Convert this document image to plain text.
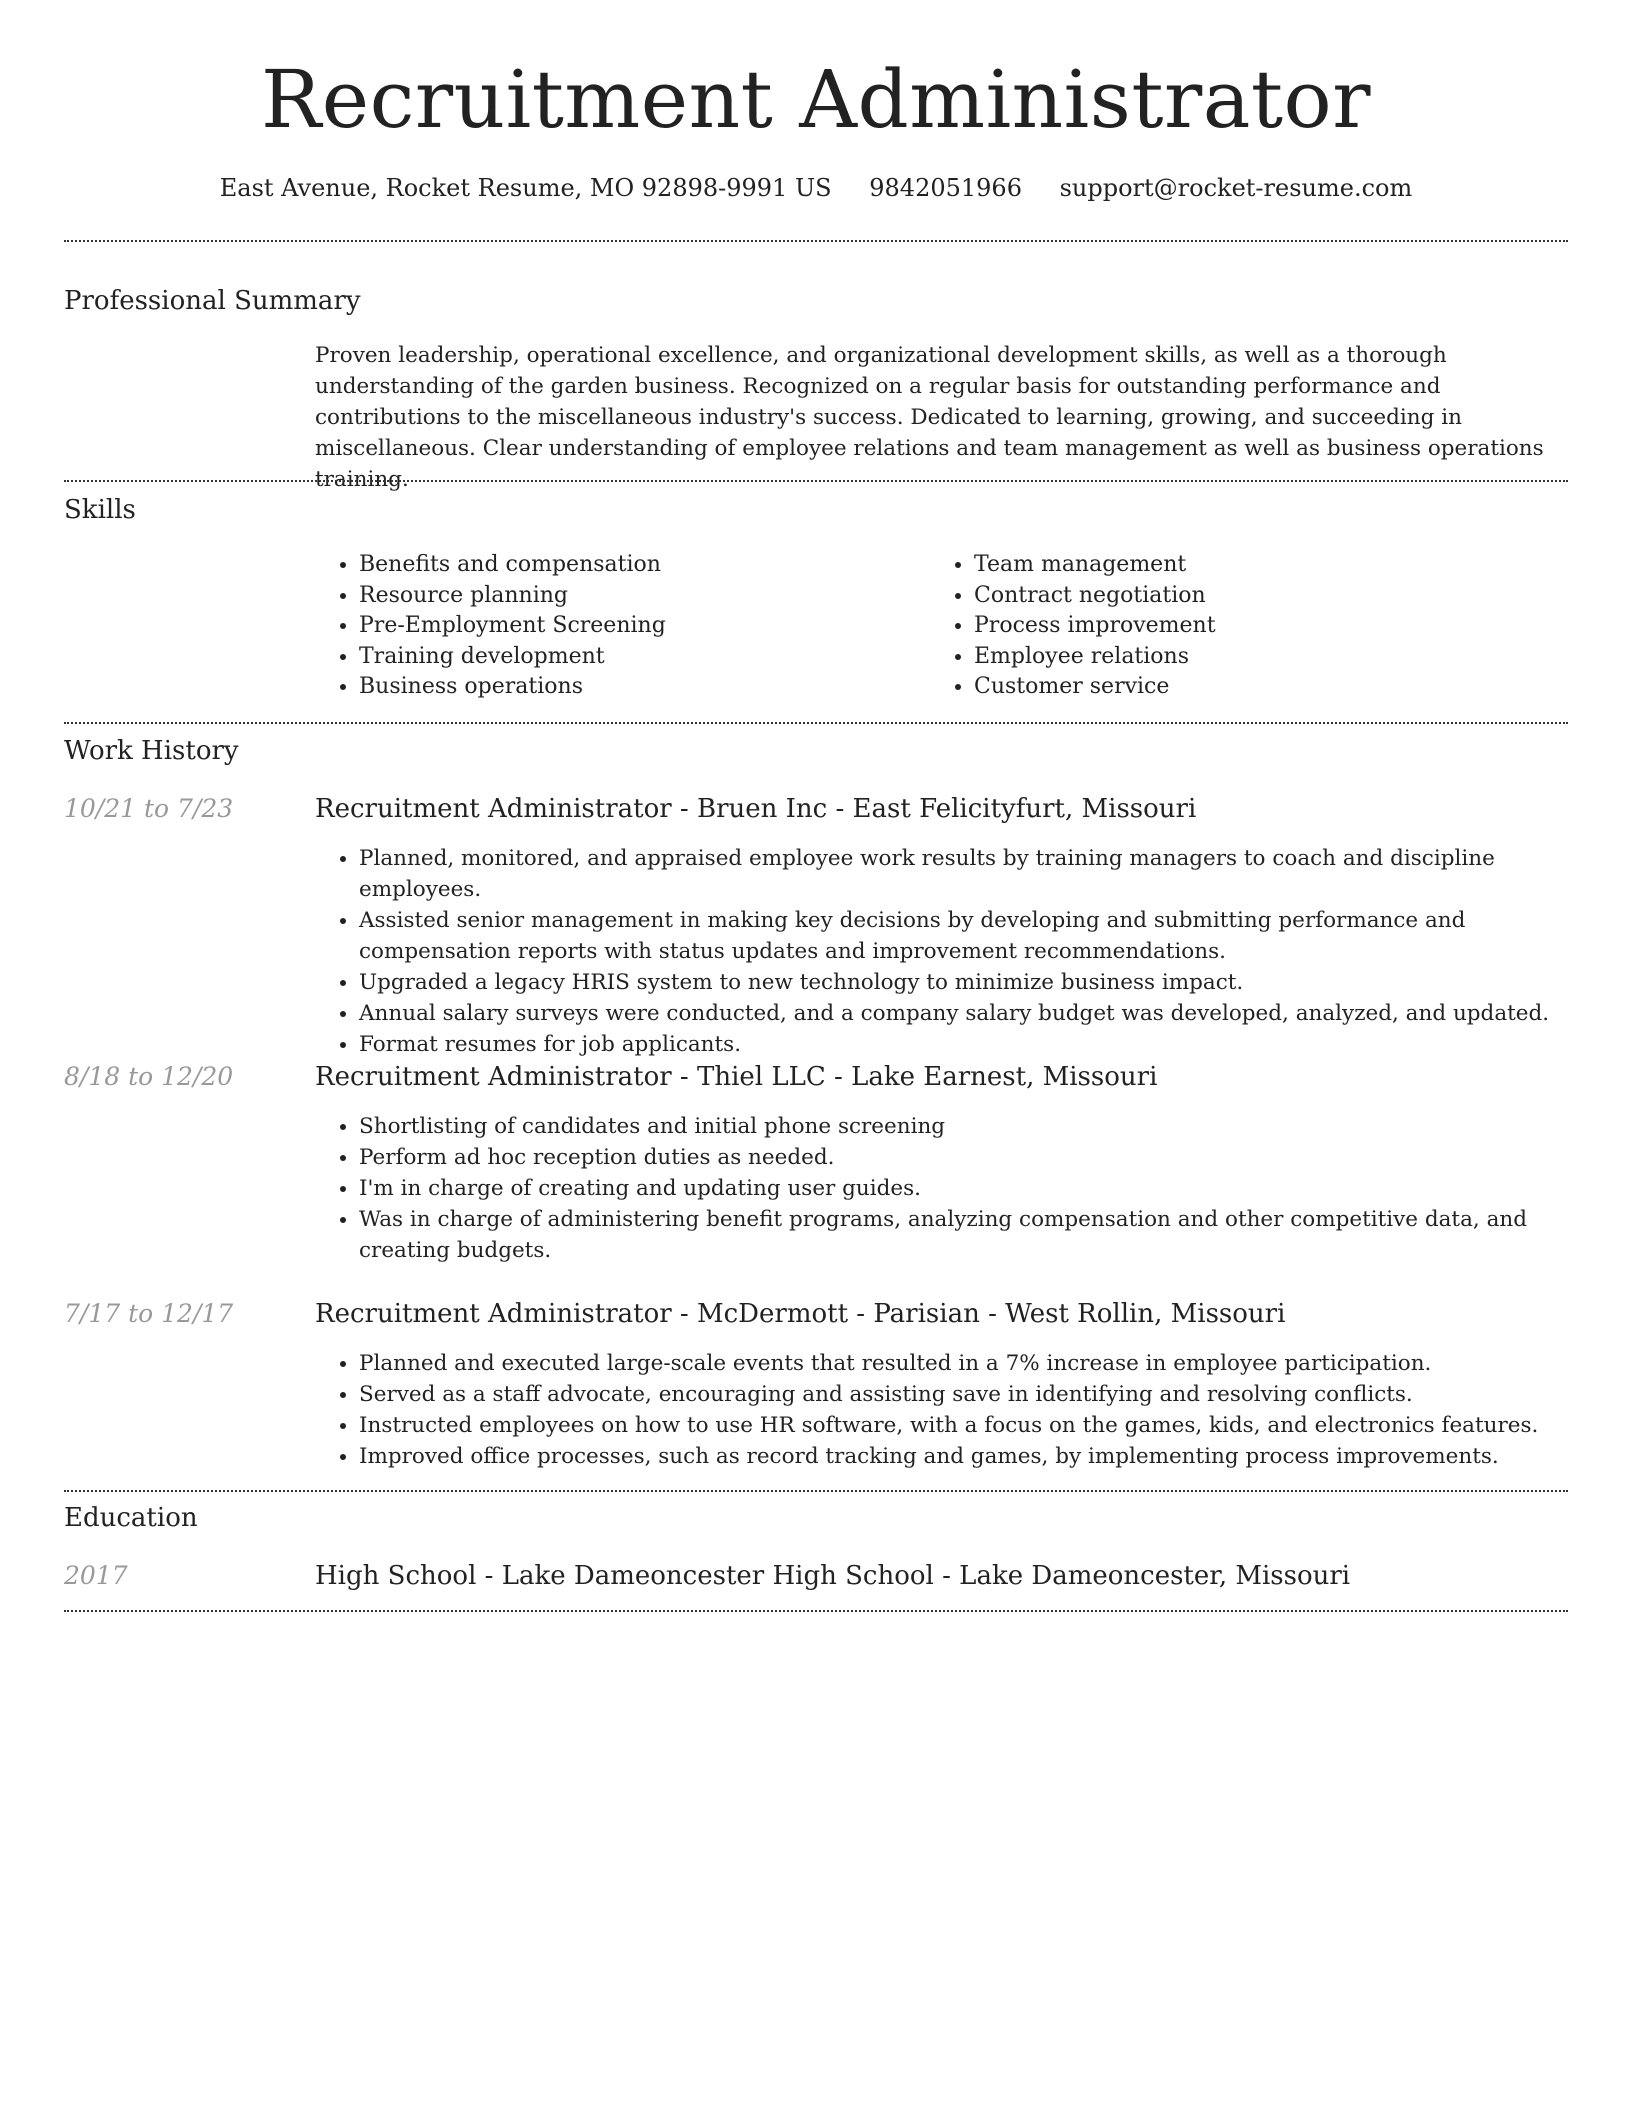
Recruitment Administrator
East Avenue, Rocket Resume, MO 92898-9991 US 9842051966 support@rocket-resume.com
Professional Summary
Proven leadership, operational excellence, and organizational development skills, as well as a thorough understanding of the garden business. Recognized on a regular basis for outstanding performance and contributions to the miscellaneous industry's success. Dedicated to learning, growing, and succeeding in miscellaneous. Clear understanding of employee relations and team management as well as business operations training.
Skills
• Benefits and compensation
• Resource planning
• Pre-Employment Screening
• Training development
• Business operations
• Team management
• Contract negotiation
• Process improvement
• Employee relations
• Customer service
Work History
10/21 to 7/23	Recruitment Administrator - Bruen Inc - East Felicityfurt, Missouri
• Planned, monitored, and appraised employee work results by training managers to coach and discipline employees.
• Assisted senior management in making key decisions by developing and submitting performance and compensation reports with status updates and improvement recommendations.
• Upgraded a legacy HRIS system to new technology to minimize business impact.
• Annual salary surveys were conducted, and a company salary budget was developed, analyzed, and updated.
• Format resumes for job applicants.
8/18 to 12/20	Recruitment Administrator - Thiel LLC - Lake Earnest, Missouri
• Shortlisting of candidates and initial phone screening
• Perform ad hoc reception duties as needed.
• I'm in charge of creating and updating user guides.
• Was in charge of administering benefit programs, analyzing compensation and other competitive data, and creating budgets.
7/17 to 12/17	Recruitment Administrator - McDermott - Parisian - West Rollin, Missouri
• Planned and executed large-scale events that resulted in a 7% increase in employee participation.
• Served as a staff advocate, encouraging and assisting save in identifying and resolving conflicts.
• Instructed employees on how to use HR software, with a focus on the games, kids, and electronics features.
• Improved office processes, such as record tracking and games, by implementing process improvements.
Education
2017	High School - Lake Dameoncester High School - Lake Dameoncester, Missouri
